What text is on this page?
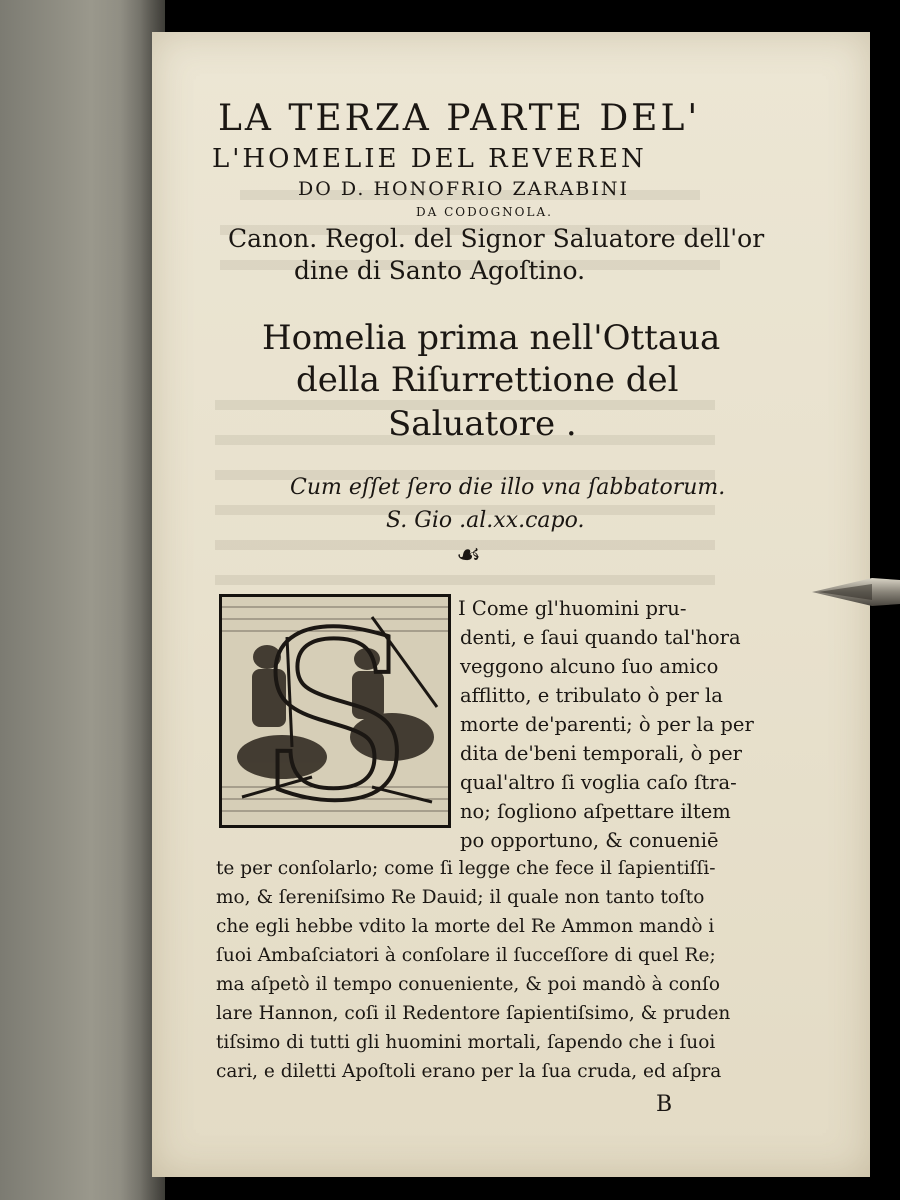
LA TERZA PARTE DEL'
L'HOMELIE DEL REVEREN
DO D. HONOFRIO ZARABINI
DA CODOGNOLA.
Canon. Regol. del Signor Saluatore dell'or
dine di Santo Agoſtino.
Homelia prima nell'Ottaua
della Riſurrettione del
Saluatore .
Cum eſſet ſero die illo vna ſabbatorum.
S. Gio .al.xx.capo.
☙
S I Come gl'huomini pru-
denti, e ſaui quando tal'hora
veggono alcuno ſuo amico
afflitto, e tribulato ò per la
morte de'parenti; ò per la per
dita de'beni temporali, ò per
qual'altro ſi voglia caſo ſtra-
no; ſogliono aſpettare iltem
po opportuno, & conueniē
te per conſolarlo; come ſi legge che fece il ſapientiſſi-
mo, & ſereniſsimo Re Dauid; il quale non tanto toſto
che egli hebbe vdito la morte del Re Ammon mandò i
ſuoi Ambaſciatori à conſolare il ſucceſſore di quel Re;
ma aſpetò il tempo conueniente, & poi mandò à conſo
lare Hannon, coſi il Redentore ſapientiſsimo, & pruden
tiſsimo di tutti gli huomini mortali, ſapendo che i ſuoi
cari, e diletti Apoſtoli erano per la ſua cruda, ed aſpra
B
